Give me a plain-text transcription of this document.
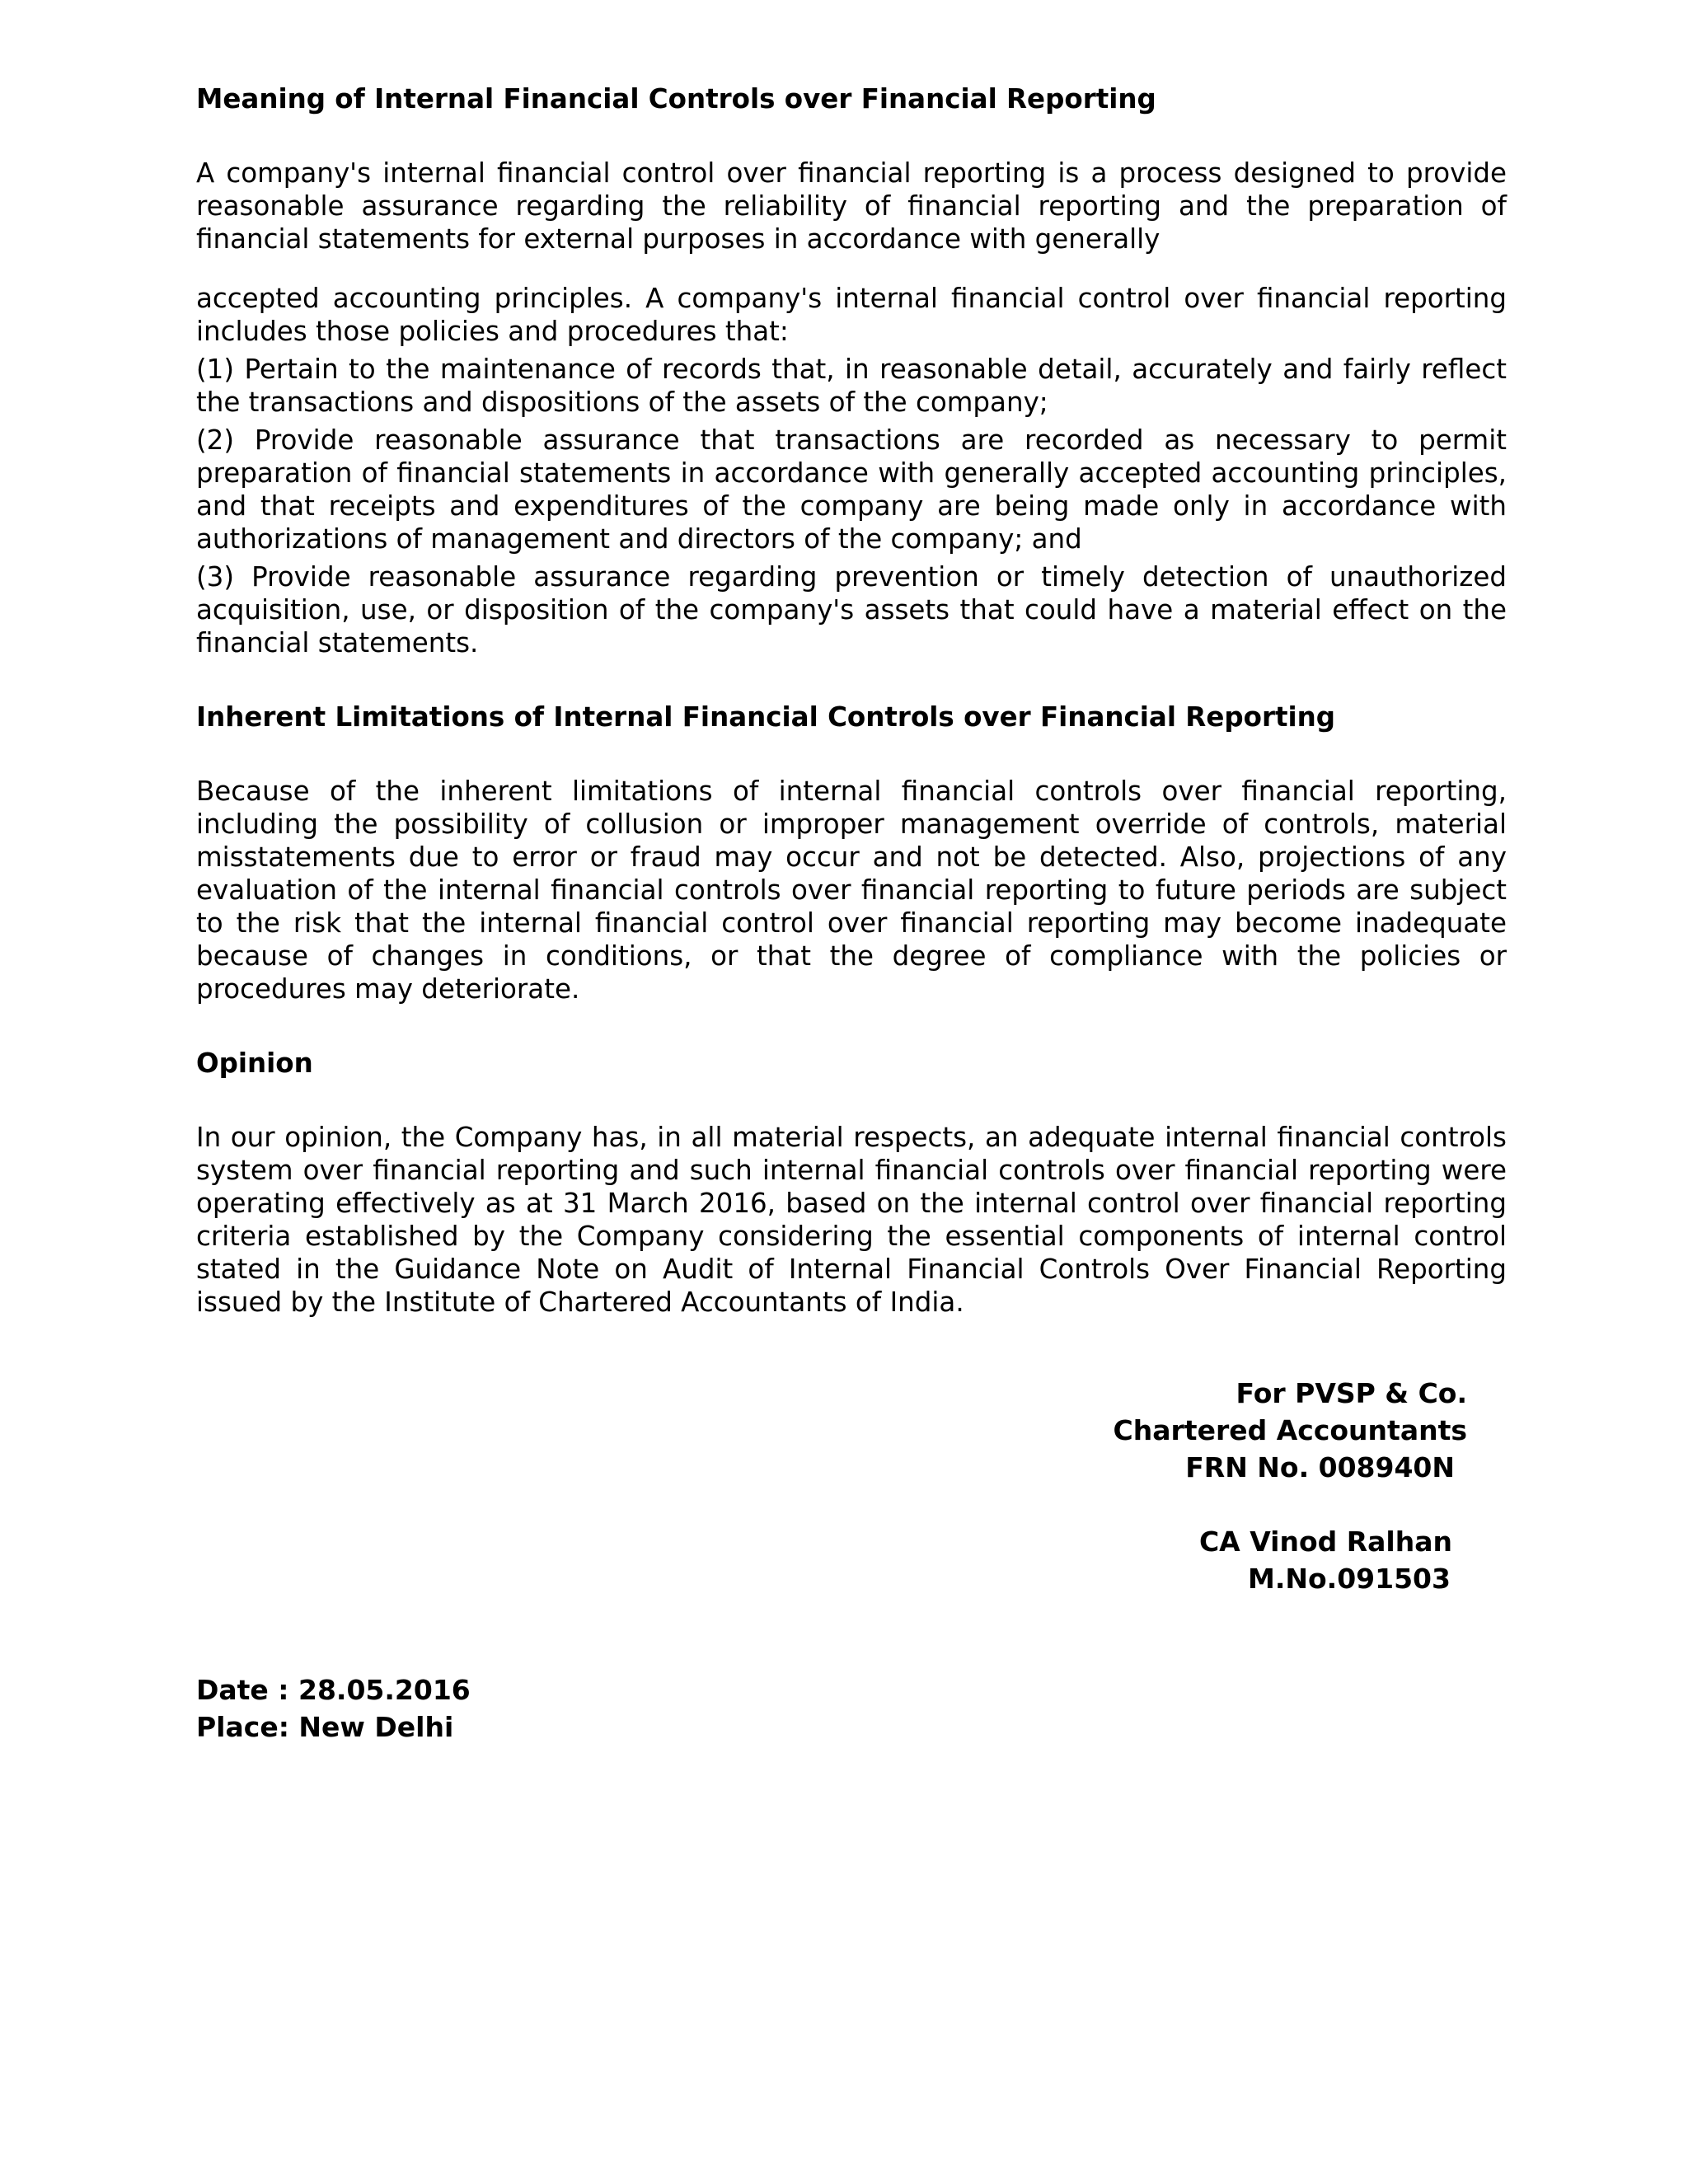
Meaning of Internal Financial Controls over Financial Reporting

A company's internal financial control over financial reporting is a process designed to provide reasonable assurance regarding the reliability of financial reporting and the preparation of financial statements for external purposes in accordance with generally

accepted accounting principles. A company's internal financial control over financial reporting includes those policies and procedures that:

(1) Pertain to the maintenance of records that, in reasonable detail, accurately and fairly reflect the transactions and dispositions of the assets of the company;

(2) Provide reasonable assurance that transactions are recorded as necessary to permit preparation of financial statements in accordance with generally accepted accounting principles, and that receipts and expenditures of the company are being made only in accordance with authorizations of management and directors of the company; and

(3) Provide reasonable assurance regarding prevention or timely detection of unauthorized acquisition, use, or disposition of the company's assets that could have a material effect on the financial statements.

Inherent Limitations of Internal Financial Controls over Financial Reporting

Because of the inherent limitations of internal financial controls over financial reporting, including the possibility of collusion or improper management override of controls, material misstatements due to error or fraud may occur and not be detected. Also, projections of any evaluation of the internal financial controls over financial reporting to future periods are subject to the risk that the internal financial control over financial reporting may become inadequate because of changes in conditions, or that the degree of compliance with the policies or procedures may deteriorate.

Opinion

In our opinion, the Company has, in all material respects, an adequate internal financial controls system over financial reporting and such internal financial controls over financial reporting were operating effectively as at 31 March 2016, based on the internal control over financial reporting criteria established by the Company considering the essential components of internal control stated in the Guidance Note on Audit of Internal Financial Controls Over Financial Reporting issued by the Institute of Chartered Accountants of India.

For PVSP & Co.

Chartered Accountants

FRN No. 008940N

CA Vinod Ralhan

M.No.091503

Date : 28.05.2016

Place: New Delhi
